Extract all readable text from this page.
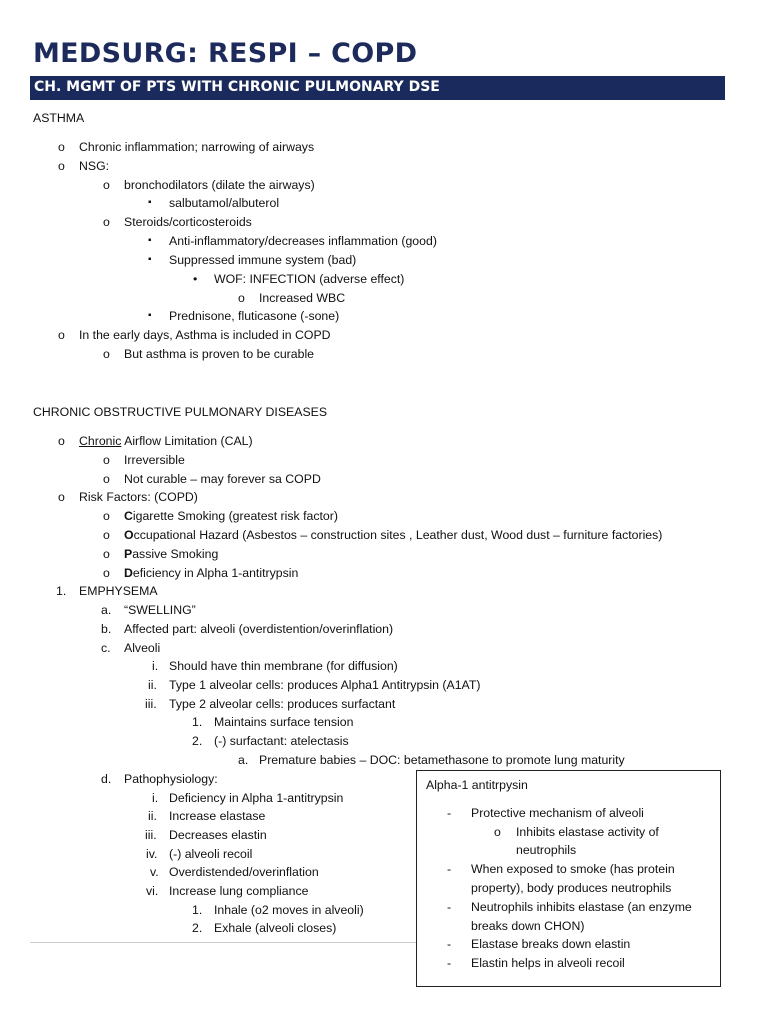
MEDSURG: RESPI – COPD
CH. MGMT OF PTS WITH CHRONIC PULMONARY DSE
ASTHMA
o Chronic inflammation; narrowing of airways
o NSG:
o bronchodilators (dilate the airways)
▪ salbutamol/albuterol
o Steroids/corticosteroids
▪ Anti-inflammatory/decreases inflammation (good)
▪ Suppressed immune system (bad)
• WOF: INFECTION (adverse effect)
o Increased WBC
▪ Prednisone, fluticasone (-sone)
o In the early days, Asthma is included in COPD
o But asthma is proven to be curable
CHRONIC OBSTRUCTIVE PULMONARY DISEASES
o Chronic Airflow Limitation (CAL)
o Irreversible
o Not curable – may forever sa COPD
o Risk Factors: (COPD)
o Cigarette Smoking (greatest risk factor)
o Occupational Hazard (Asbestos – construction sites , Leather dust, Wood dust – furniture factories)
o Passive Smoking
o Deficiency in Alpha 1-antitrypsin
1. EMPHYSEMA
a. “SWELLING”
b. Affected part: alveoli (overdistention/overinflation)
c. Alveoli
i. Should have thin membrane (for diffusion)
ii. Type 1 alveolar cells: produces Alpha1 Antitrypsin (A1AT)
iii. Type 2 alveolar cells: produces surfactant
1. Maintains surface tension
2. (-) surfactant: atelectasis
a. Premature babies – DOC: betamethasone to promote lung maturity
d. Pathophysiology:
i. Deficiency in Alpha 1-antitrypsin
ii. Increase elastase
iii. Decreases elastin
iv. (-) alveoli recoil
v. Overdistended/overinflation
vi. Increase lung compliance
1. Inhale (o2 moves in alveoli)
2. Exhale (alveoli closes)
Alpha-1 antitrpysin
- Protective mechanism of alveoli
o Inhibits elastase activity of
neutrophils
- When exposed to smoke (has protein
property), body produces neutrophils
- Neutrophils inhibits elastase (an enzyme
breaks down CHON)
- Elastase breaks down elastin
- Elastin helps in alveoli recoil
